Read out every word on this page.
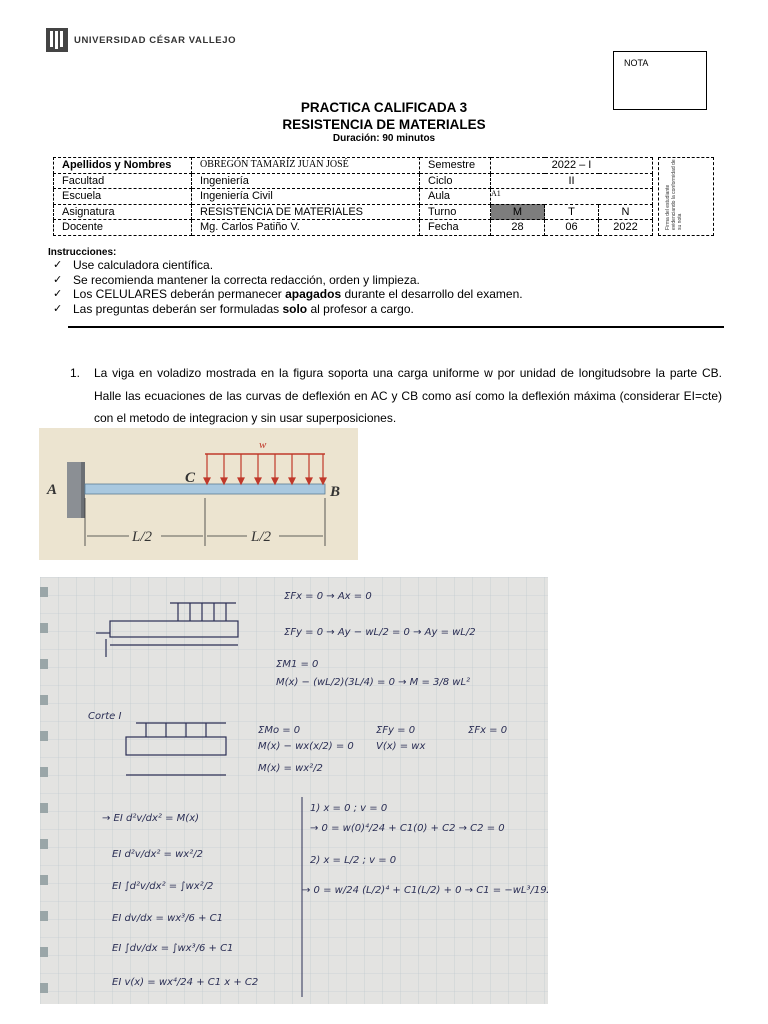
UNIVERSIDAD CÉSAR VALLEJO
NOTA
PRACTICA CALIFICADA 3
RESISTENCIA DE MATERIALES
Duración: 90 minutos
Apellidos y Nombres	OBREGÓN TAMARÍZ JUAN JOSÉ	Semestre	2022 – I		
Facultad	Ingeniería	Ciclo	II		
Escuela	Ingeniería Civil	Aula	A1		
Asignatura	RESISTENCIA DE MATERIALES	Turno	M	T	N
Docente	Mg. Carlos Patiño V.	Fecha	28	06	2022	Firma del estudiante evidenciando la conformidad de su nota
Instrucciones:
✓ Use calculadora científica.
✓ Se recomienda mantener la correcta redacción, orden y limpieza.
✓ Los CELULARES deberán permanecer apagados durante el desarrollo del examen.
✓ Las preguntas deberán ser formuladas solo al profesor a cargo.
1. La viga en voladizo mostrada en la figura soporta una carga uniforme w por unidad de longitudsobre la parte CB. Halle las ecuaciones de las curvas de deflexión en AC y CB como así como la deflexión máxima (considerar EI=cte) con el metodo de integracion y sin usar superposiciones.
w
A
C
B
L/2	L/2
ΣFx = 0 → Ax = 0
ΣFy = 0 → Ay − wL/2 = 0 → Ay = wL/2
ΣM1 = 0
M(x) − (wL/2)(3L/4) = 0 → M = 3/8 wL²
Corte I
ΣMo = 0
M(x) − wx(x/2) = 0
M(x) = wx²/2
ΣFy = 0
V(x) = wx
ΣFx = 0
→ EI d²v/dx² = M(x)
EI d²v/dx² = wx²/2
EI ∫d²v/dx² = ∫wx²/2
EI dv/dx = wx³/6 + C1
EI ∫dv/dx = ∫wx³/6 + C1
EI v(x) = wx⁴/24 + C1 x + C2
1) x = 0 ; v = 0
→ 0 = w(0)⁴/24 + C1(0) + C2 → C2 = 0
2) x = L/2 ; v = 0
→ 0 = w/24 (L/2)⁴ + C1(L/2) + 0 → C1 = −wL³/192
